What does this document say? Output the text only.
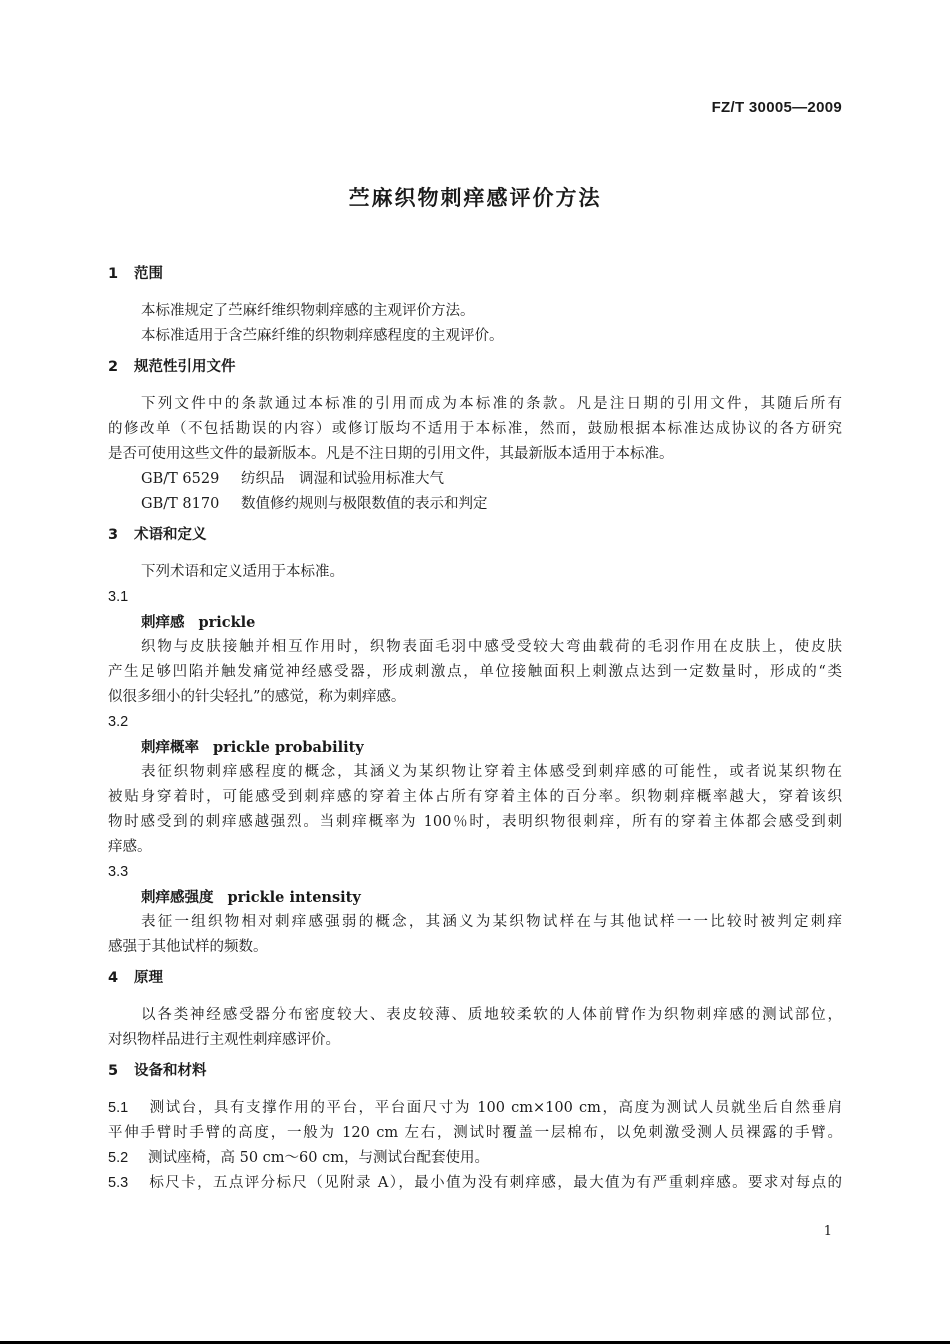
FZ/T 30005—2009
苎麻织物刺痒感评价方法
1 范围
本标准规定了苎麻纤维织物刺痒感的主观评价方法。
本标准适用于含苎麻纤维的织物刺痒感程度的主观评价。
2 规范性引用文件
下列文件中的条款通过本标准的引用而成为本标准的条款。凡是注日期的引用文件，其随后所有
的修改单（不包括勘误的内容）或修订版均不适用于本标准，然而，鼓励根据本标准达成协议的各方研究
是否可使用这些文件的最新版本。凡是不注日期的引用文件，其最新版本适用于本标准。
GB/T 6529 纺织品　调湿和试验用标准大气
GB/T 8170 数值修约规则与极限数值的表示和判定
3 术语和定义
下列术语和定义适用于本标准。
3.1
刺痒感 prickle
织物与皮肤接触并相互作用时，织物表面毛羽中感受受较大弯曲载荷的毛羽作用在皮肤上，使皮肤
产生足够凹陷并触发痛觉神经感受器，形成刺激点，单位接触面积上刺激点达到一定数量时，形成的“类
似很多细小的针尖轻扎”的感觉，称为刺痒感。
3.2
刺痒概率 prickle probability
表征织物刺痒感程度的概念，其涵义为某织物让穿着主体感受到刺痒感的可能性，或者说某织物在
被贴身穿着时，可能感受到刺痒感的穿着主体占所有穿着主体的百分率。织物刺痒概率越大，穿着该织
物时感受到的刺痒感越强烈。当刺痒概率为 100％时，表明织物很刺痒，所有的穿着主体都会感受到刺
痒感。
3.3
刺痒感强度 prickle intensity
表征一组织物相对刺痒感强弱的概念，其涵义为某织物试样在与其他试样一一比较时被判定刺痒
感强于其他试样的频数。
4 原理
以各类神经感受器分布密度较大、表皮较薄、质地较柔软的人体前臂作为织物刺痒感的测试部位，
对织物样品进行主观性刺痒感评价。
5 设备和材料
5.1 测试台，具有支撑作用的平台，平台面尺寸为 100 cm×100 cm，高度为测试人员就坐后自然垂肩
平伸手臂时手臂的高度，一般为 120 cm 左右，测试时覆盖一层棉布，以免刺激受测人员裸露的手臂。
5.2 测试座椅，高 50 cm～60 cm，与测试台配套使用。
5.3 标尺卡，五点评分标尺（见附录 A），最小值为没有刺痒感，最大值为有严重刺痒感。要求对每点的
1
